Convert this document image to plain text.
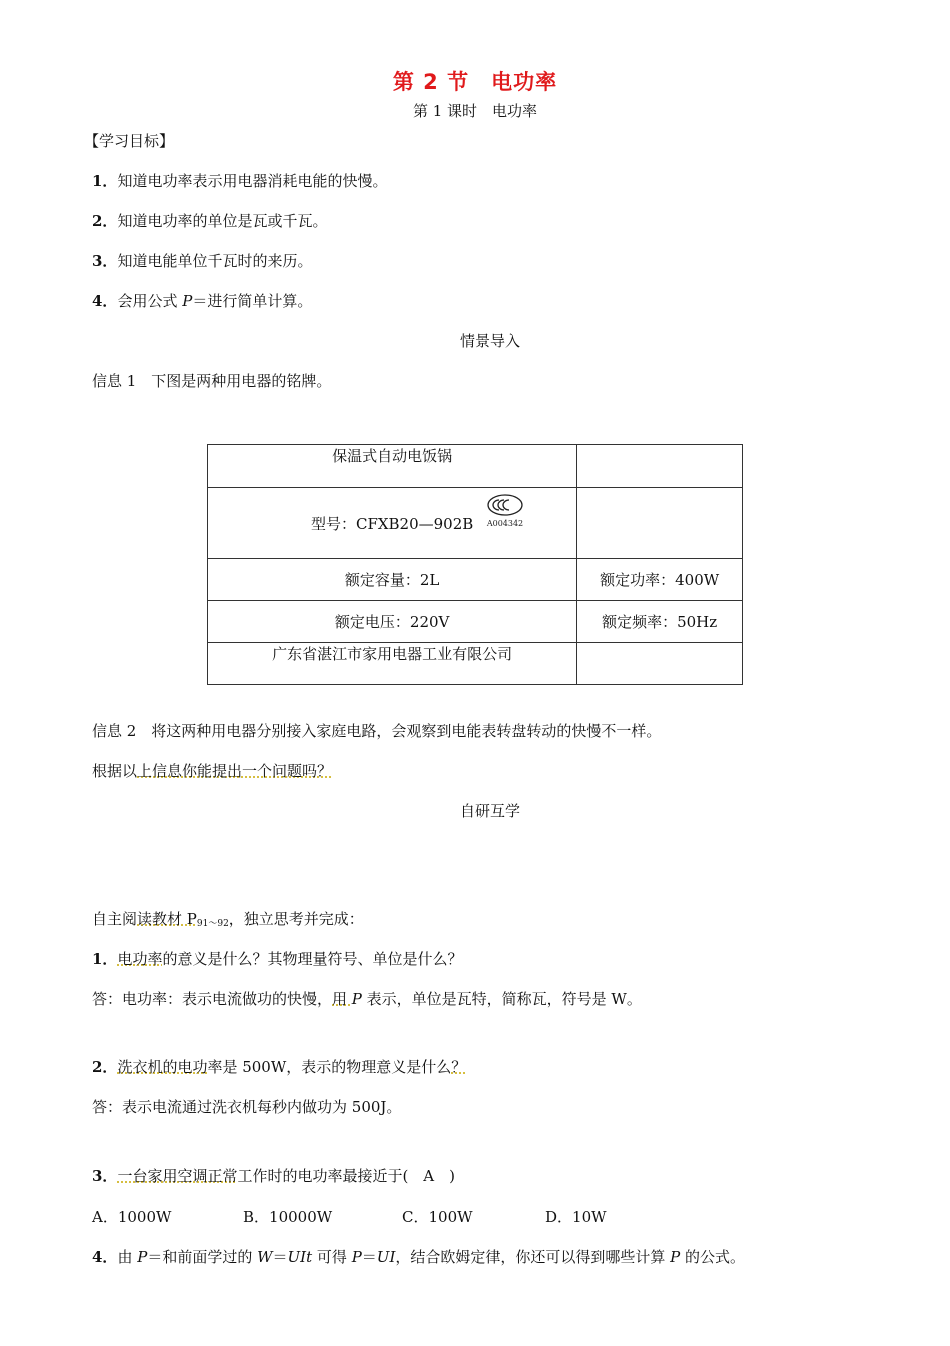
第 2 节　电功率
第 1 课时　电功率
【学习目标】
1．知道电功率表示用电器消耗电能的快慢。
2．知道电功率的单位是瓦或千瓦。
3．知道电能单位千瓦时的来历。
4．会用公式 P＝进行简单计算。
情景导入
信息 1　下图是两种用电器的铭牌。
保温式自动电饭锅	
型号：CFXB20—902B A004342	

额定容量：2L	额定功率：400W
额定电压：220V	额定频率：50Hz
广东省湛江市家用电器工业有限公司	
信息 2　将这两种用电器分别接入家庭电路，会观察到电能表转盘转动的快慢不一样。
根据以上信息你能提出一个问题吗？
自研互学
自主阅读教材 $P_{91\sim 92}$，独立思考并完成：
1．电功率的意义是什么？其物理量符号、单位是什么？
答：电功率：表示电流做功的快慢，用 P 表示，单位是瓦特，简称瓦，符号是 W。
2．洗衣机的电功率是 500W，表示的物理意义是什么？
答：表示电流通过洗衣机每秒内做功为 500J。
3．一台家用空调正常工作时的电功率最接近于(　A　)
A．1000W	B．10000W	C．100W	D．10W
4．由 P＝和前面学过的 W＝UIt 可得 P＝UI，结合欧姆定律，你还可以得到哪些计算 P 的公式。
